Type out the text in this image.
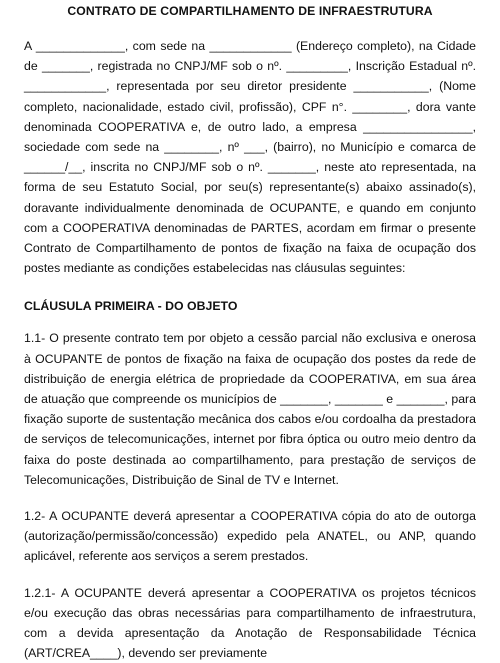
CONTRATO DE COMPARTILHAMENTO DE INFRAESTRUTURA

A _____________, com sede na ____________ (Endereço completo), na Cidade de _______, registrada no CNPJ/MF sob o nº. _________, Inscrição Estadual nº. ____________, representada por seu diretor presidente ___________, (Nome completo, nacionalidade, estado civil, profissão), CPF n°. ________, dora vante denominada COOPERATIVA e, de outro lado, a empresa ________________, sociedade com sede na ________, nº ___, (bairro), no Município e comarca de ______/__, inscrita no CNPJ/MF sob o nº. _______, neste ato representada, na forma de seu Estatuto Social, por seu(s) representante(s) abaixo assinado(s), doravante individualmente denominada de OCUPANTE, e quando em conjunto com a COOPERATIVA denominadas de PARTES, acordam em firmar o presente Contrato de Compartilhamento de pontos de fixação na faixa de ocupação dos postes mediante as condições estabelecidas nas cláusulas seguintes:

CLÁUSULA PRIMEIRA - DO OBJETO

1.1- O presente contrato tem por objeto a cessão parcial não exclusiva e onerosa à OCUPANTE de pontos de fixação na faixa de ocupação dos postes da rede de distribuição de energia elétrica de propriedade da COOPERATIVA, em sua área de atuação que compreende os municípios de _______, _______ e _______, para fixação suporte de sustentação mecânica dos cabos e/ou cordoalha da prestadora de serviços de telecomunicações, internet por fibra óptica ou outro meio dentro da faixa do poste destinada ao compartilhamento, para prestação de serviços de Telecomunicações, Distribuição de Sinal de TV e Internet.

1.2- A OCUPANTE deverá apresentar a COOPERATIVA cópia do ato de outorga (autorização/permissão/concessão) expedido pela ANATEL, ou ANP, quando aplicável, referente aos serviços a serem prestados.

1.2.1- A OCUPANTE deverá apresentar a COOPERATIVA os projetos técnicos e/ou execução das obras necessárias para compartilhamento de infraestrutura, com a devida apresentação da Anotação de Responsabilidade Técnica (ART/CREA____), devendo ser previamente
